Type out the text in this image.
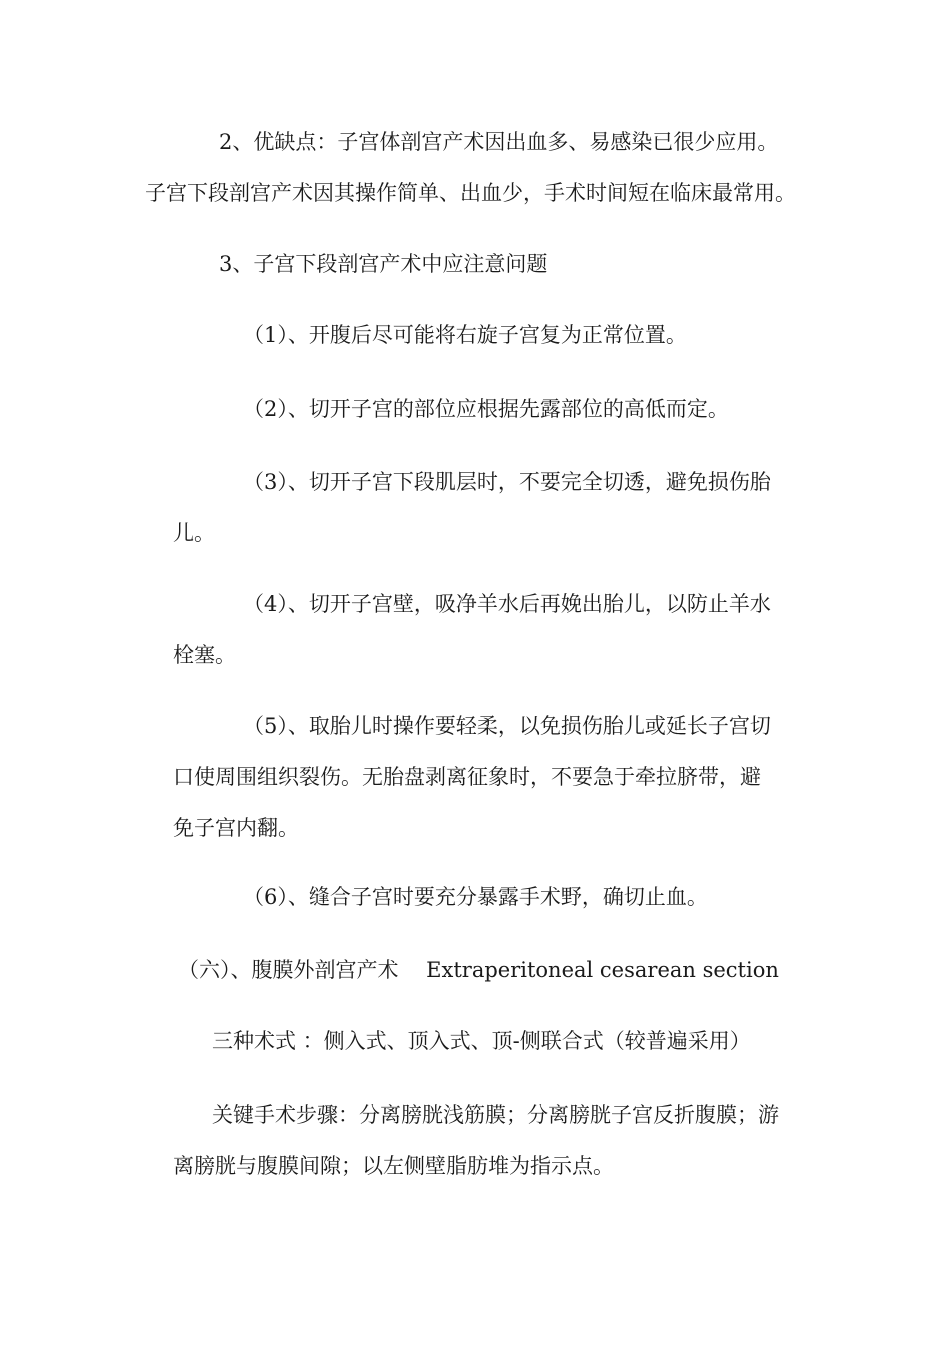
2、优缺点：子宫体剖宫产术因出血多、易感染已很少应用。
子宫下段剖宫产术因其操作简单、出血少，手术时间短在临床最常用。
3、子宫下段剖宫产术中应注意问题
（1）、开腹后尽可能将右旋子宫复为正常位置。
（2）、切开子宫的部位应根据先露部位的高低而定。
（3）、切开子宫下段肌层时，不要完全切透，避免损伤胎
儿。
（4）、切开子宫壁，吸净羊水后再娩出胎儿，以防止羊水
栓塞。
（5）、取胎儿时操作要轻柔，以免损伤胎儿或延长子宫切
口使周围组织裂伤。无胎盘剥离征象时，不要急于牵拉脐带，避
免子宫内翻。
（6）、缝合子宫时要充分暴露手术野，确切止血。
（六）、腹膜外剖宫产术　 Extraperitoneal cesarean section
三种术式 ：侧入式、顶入式、顶-侧联合式（较普遍采用）
关键手术步骤：分离膀胱浅筋膜；分离膀胱子宫反折腹膜；游
离膀胱与腹膜间隙；以左侧壁脂肪堆为指示点。
